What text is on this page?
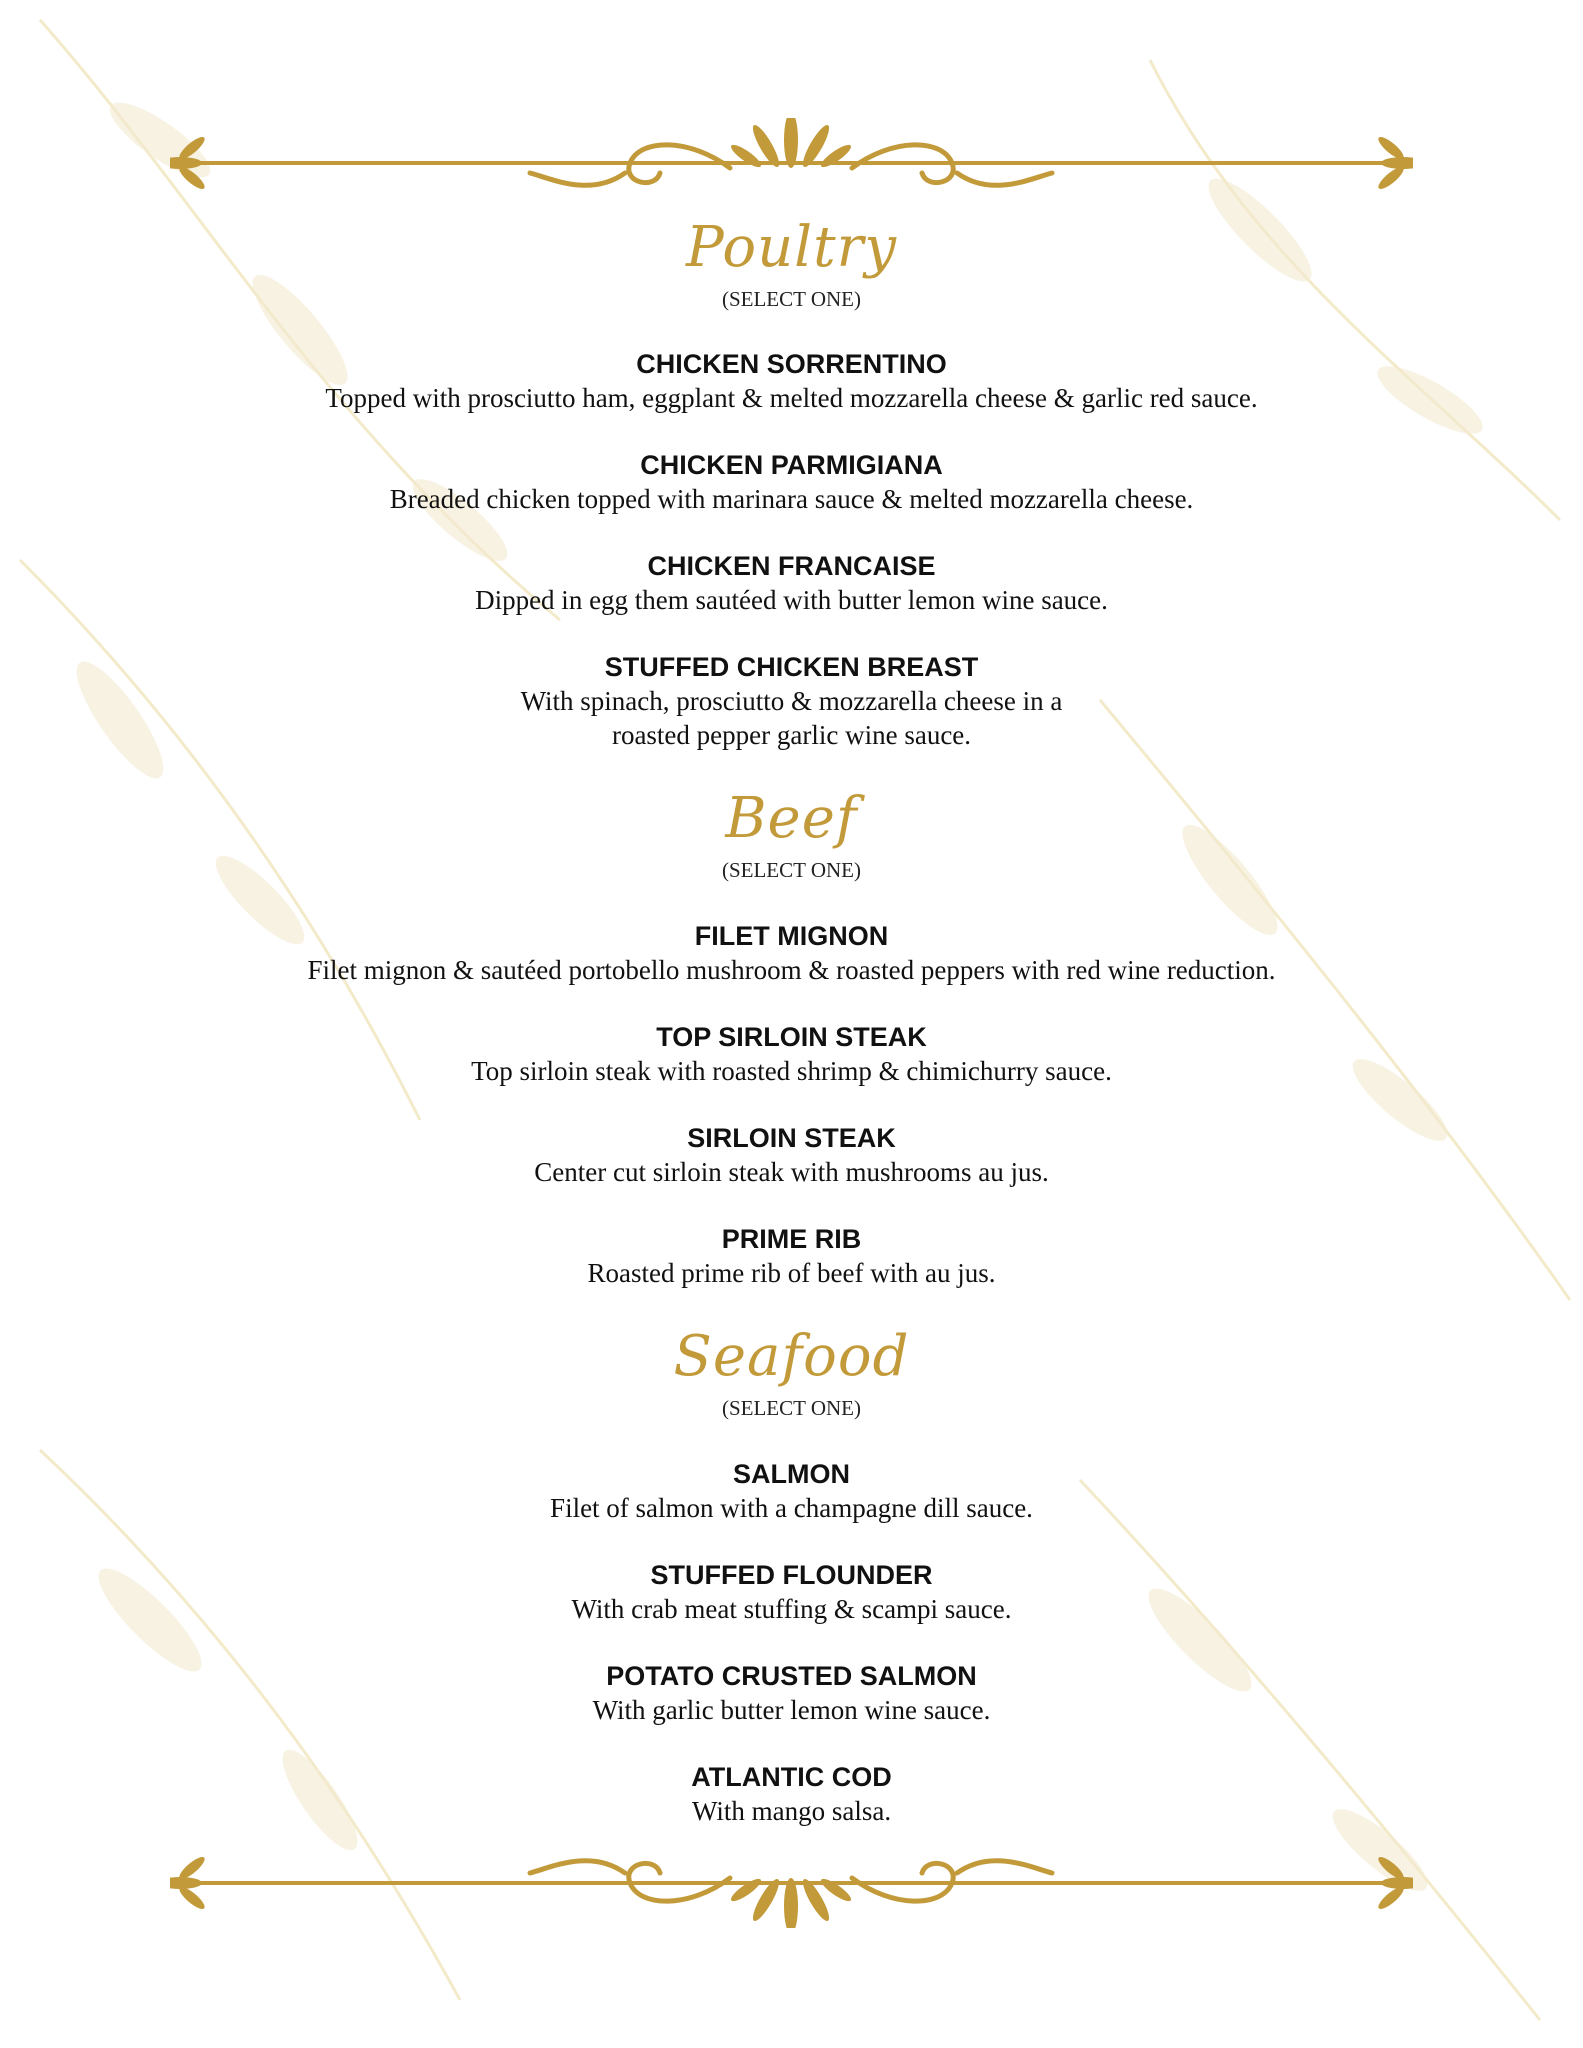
Poultry
(SELECT ONE)
CHICKEN SORRENTINO
Topped with prosciutto ham, eggplant & melted mozzarella cheese & garlic red sauce.
CHICKEN PARMIGIANA
Breaded chicken topped with marinara sauce & melted mozzarella cheese.
CHICKEN FRANCAISE
Dipped in egg them sautéed with butter lemon wine sauce.
STUFFED CHICKEN BREAST
With spinach, prosciutto & mozzarella cheese in a
roasted pepper garlic wine sauce.
Beef
(SELECT ONE)
FILET MIGNON
Filet mignon & sautéed portobello mushroom & roasted peppers with red wine reduction.
TOP SIRLOIN STEAK
Top sirloin steak with roasted shrimp & chimichurry sauce.
SIRLOIN STEAK
Center cut sirloin steak with mushrooms au jus.
PRIME RIB
Roasted prime rib of beef with au jus.
Seafood
(SELECT ONE)
SALMON
Filet of salmon with a champagne dill sauce.
STUFFED FLOUNDER
With crab meat stuffing & scampi sauce.
POTATO CRUSTED SALMON
With garlic butter lemon wine sauce.
ATLANTIC COD
With mango salsa.
